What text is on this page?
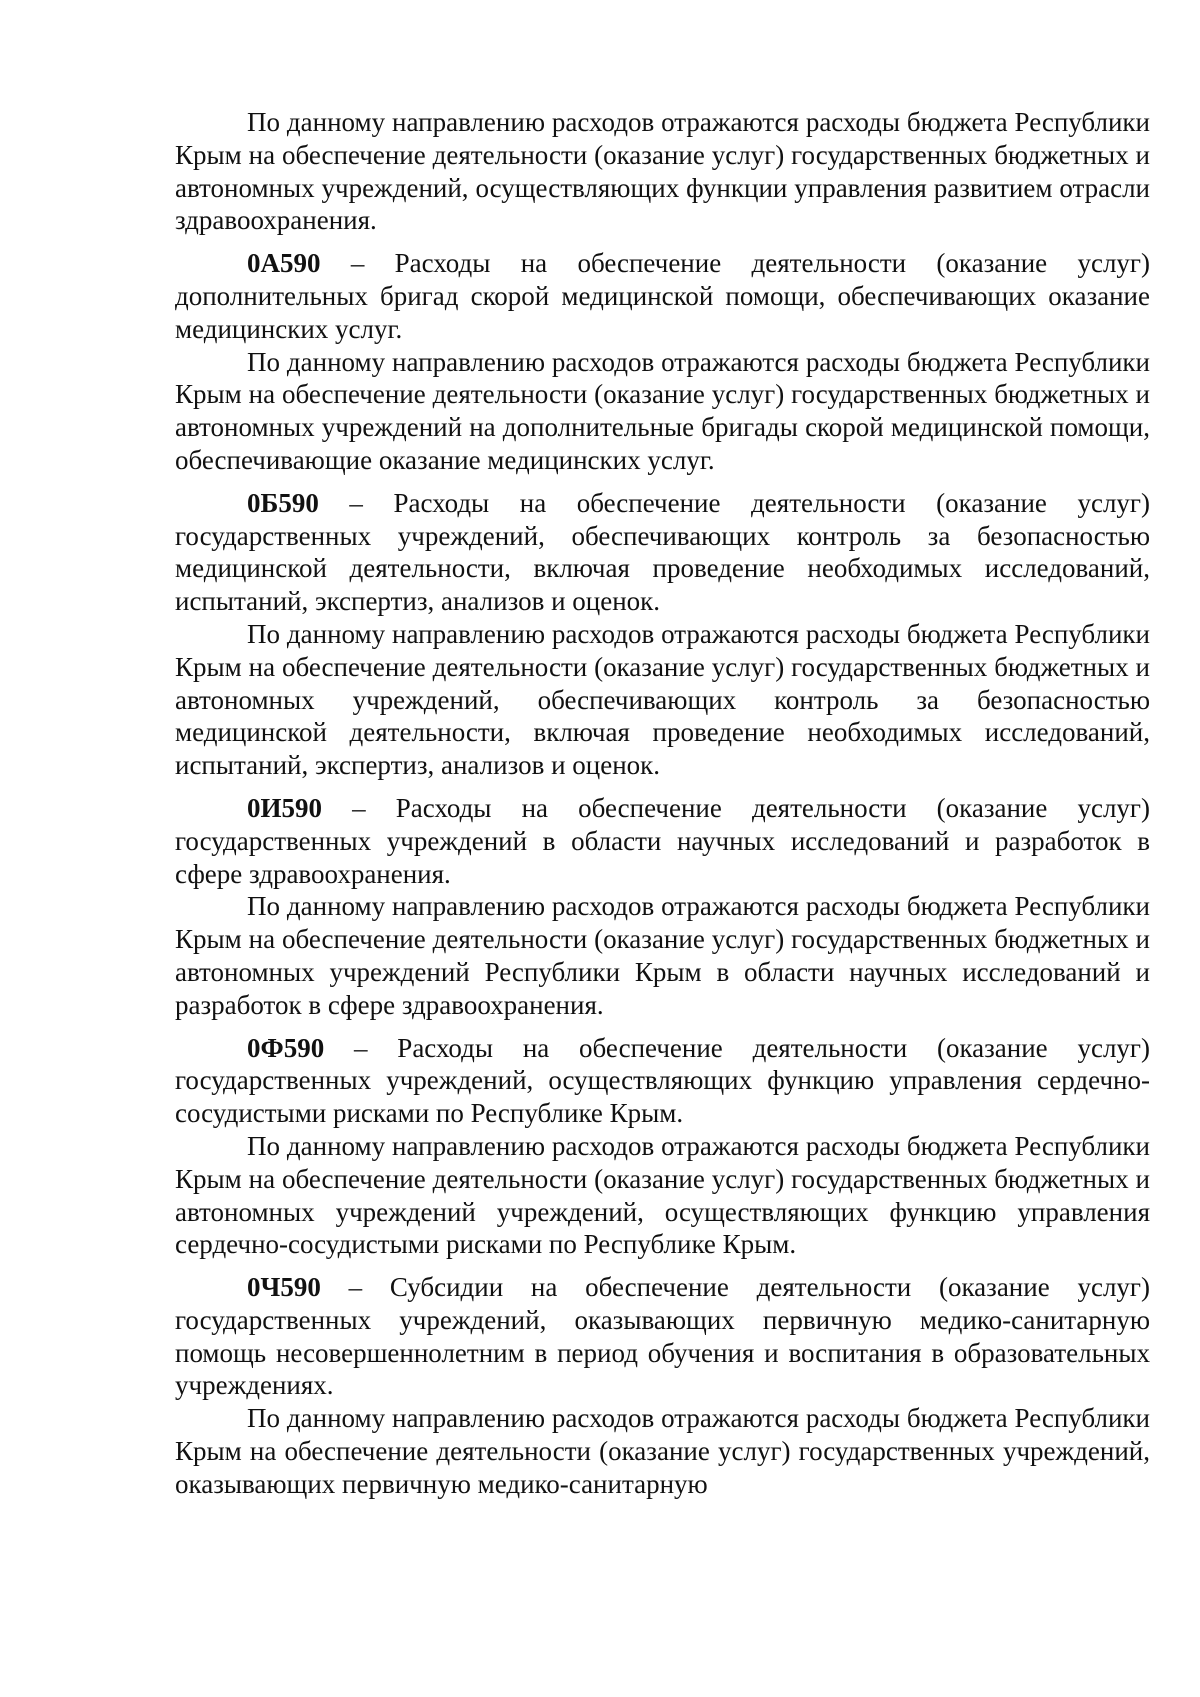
По данному направлению расходов отражаются расходы бюджета Республики Крым на обеспечение деятельности (оказание услуг) государственных бюджетных и автономных учреждений, осуществляющих функции управления развитием отрасли здравоохранения.

0А590 – Расходы на обеспечение деятельности (оказание услуг) дополнительных бригад скорой медицинской помощи, обеспечивающих оказание медицинских услуг.

По данному направлению расходов отражаются расходы бюджета Республики Крым на обеспечение деятельности (оказание услуг) государственных бюджетных и автономных учреждений на дополнительные бригады скорой медицинской помощи, обеспечивающие оказание медицинских услуг.

0Б590 – Расходы на обеспечение деятельности (оказание услуг) государственных учреждений, обеспечивающих контроль за безопасностью медицинской деятельности, включая проведение необходимых исследований, испытаний, экспертиз, анализов и оценок.

По данному направлению расходов отражаются расходы бюджета Республики Крым на обеспечение деятельности (оказание услуг) государственных бюджетных и автономных учреждений, обеспечивающих контроль за безопасностью медицинской деятельности, включая проведение необходимых исследований, испытаний, экспертиз, анализов и оценок.

0И590 – Расходы на обеспечение деятельности (оказание услуг) государственных учреждений в области научных исследований и разработок в сфере здравоохранения.

По данному направлению расходов отражаются расходы бюджета Республики Крым на обеспечение деятельности (оказание услуг) государственных бюджетных и автономных учреждений Республики Крым в области научных исследований и разработок в сфере здравоохранения.

0Ф590 – Расходы на обеспечение деятельности (оказание услуг) государственных учреждений, осуществляющих функцию управления сердечно-сосудистыми рисками по Республике Крым.

По данному направлению расходов отражаются расходы бюджета Республики Крым на обеспечение деятельности (оказание услуг) государственных бюджетных и автономных учреждений учреждений, осуществляющих функцию управления сердечно-сосудистыми рисками по Республике Крым.

0Ч590 – Субсидии на обеспечение деятельности (оказание услуг) государственных учреждений, оказывающих первичную медико-санитарную помощь несовершеннолетним в период обучения и воспитания в образовательных учреждениях.

По данному направлению расходов отражаются расходы бюджета Республики Крым на обеспечение деятельности (оказание услуг) государственных учреждений, оказывающих первичную медико-санитарную
